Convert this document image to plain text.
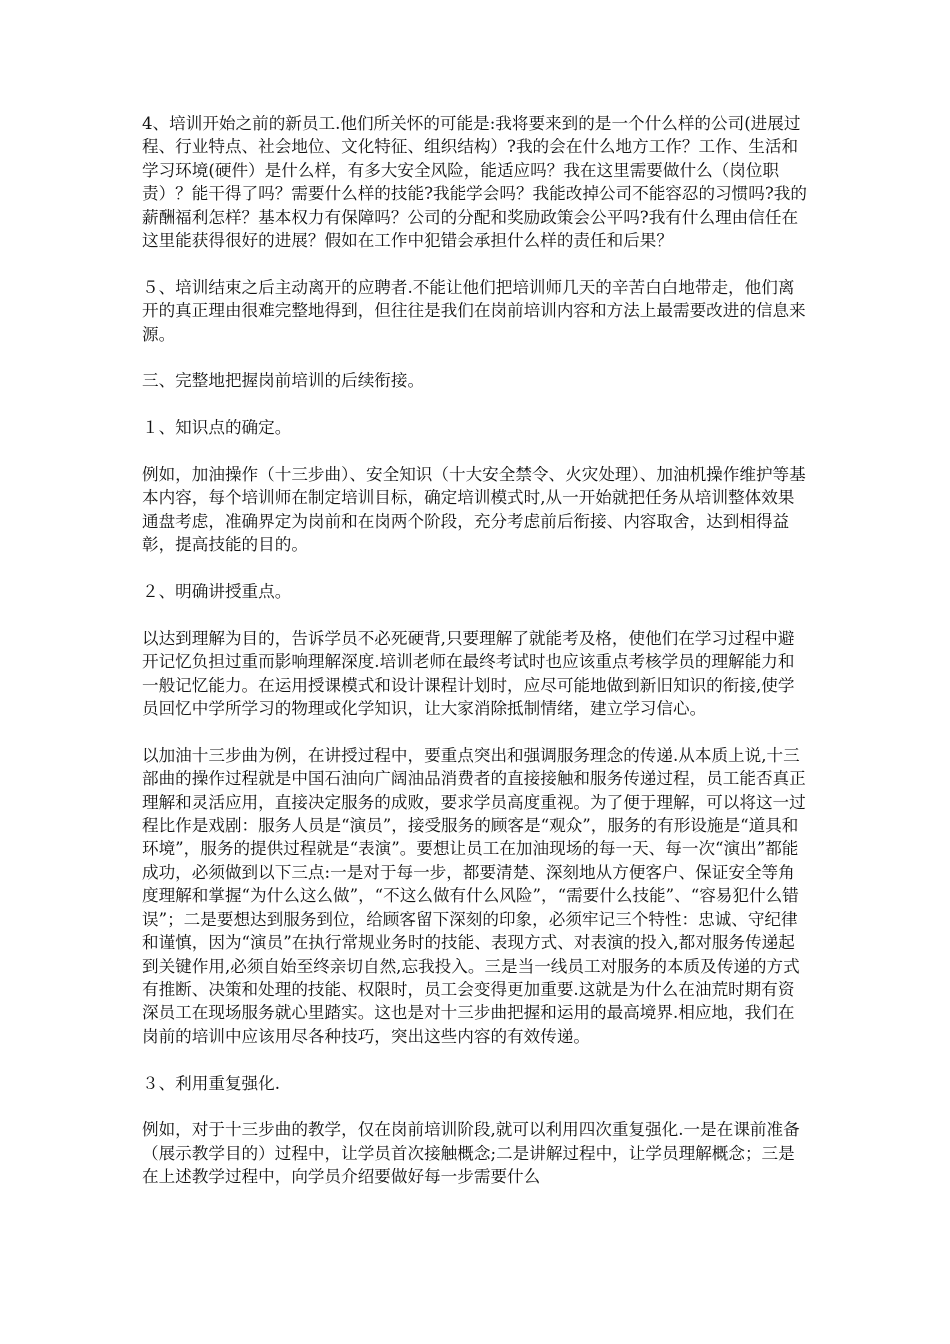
4、培训开始之前的新员工.他们所关怀的可能是:我将要来到的是一个什么样的公司(进展过程、行业特点、社会地位、文化特征、组织结构）?我的会在什么地方工作？工作、生活和学习环境(硬件）是什么样，有多大安全风险，能适应吗？我在这里需要做什么（岗位职责）？能干得了吗？需要什么样的技能?我能学会吗？我能改掉公司不能容忍的习惯吗?我的薪酬福利怎样？基本权力有保障吗？公司的分配和奖励政策会公平吗?我有什么理由信任在这里能获得很好的进展？假如在工作中犯错会承担什么样的责任和后果？

５、培训结束之后主动离开的应聘者.不能让他们把培训师几天的辛苦白白地带走，他们离开的真正理由很难完整地得到，但往往是我们在岗前培训内容和方法上最需要改进的信息来源。

三、完整地把握岗前培训的后续衔接。

１、知识点的确定。

例如，加油操作（十三步曲）、安全知识（十大安全禁令、火灾处理）、加油机操作维护等基本内容，每个培训师在制定培训目标，确定培训模式时,从一开始就把任务从培训整体效果通盘考虑，准确界定为岗前和在岗两个阶段，充分考虑前后衔接、内容取舍，达到相得益彰，提高技能的目的。

２、明确讲授重点。

以达到理解为目的，告诉学员不必死硬背,只要理解了就能考及格，使他们在学习过程中避开记忆负担过重而影响理解深度.培训老师在最终考试时也应该重点考核学员的理解能力和一般记忆能力。在运用授课模式和设计课程计划时，应尽可能地做到新旧知识的衔接,使学员回忆中学所学习的物理或化学知识，让大家消除抵制情绪，建立学习信心。

以加油十三步曲为例，在讲授过程中，要重点突出和强调服务理念的传递.从本质上说,十三部曲的操作过程就是中国石油向广阔油品消费者的直接接触和服务传递过程，员工能否真正理解和灵活应用，直接决定服务的成败，要求学员高度重视。为了便于理解，可以将这一过程比作是戏剧：服务人员是“演员”，接受服务的顾客是“观众”，服务的有形设施是“道具和环境”，服务的提供过程就是“表演”。要想让员工在加油现场的每一天、每一次“演出”都能成功，必须做到以下三点:一是对于每一步，都要清楚、深刻地从方便客户、保证安全等角度理解和掌握“为什么这么做”，“不这么做有什么风险”，“需要什么技能”、“容易犯什么错误”；二是要想达到服务到位，给顾客留下深刻的印象，必须牢记三个特性：忠诚、守纪律和谨慎，因为“演员”在执行常规业务时的技能、表现方式、对表演的投入,都对服务传递起到关键作用,必须自始至终亲切自然,忘我投入。三是当一线员工对服务的本质及传递的方式有推断、决策和处理的技能、权限时，员工会变得更加重要.这就是为什么在油荒时期有资深员工在现场服务就心里踏实。这也是对十三步曲把握和运用的最高境界.相应地，我们在岗前的培训中应该用尽各种技巧，突出这些内容的有效传递。

３、利用重复强化.

例如，对于十三步曲的教学，仅在岗前培训阶段,就可以利用四次重复强化.一是在课前准备（展示教学目的）过程中，让学员首次接触概念;二是讲解过程中，让学员理解概念；三是在上述教学过程中，向学员介绍要做好每一步需要什么
